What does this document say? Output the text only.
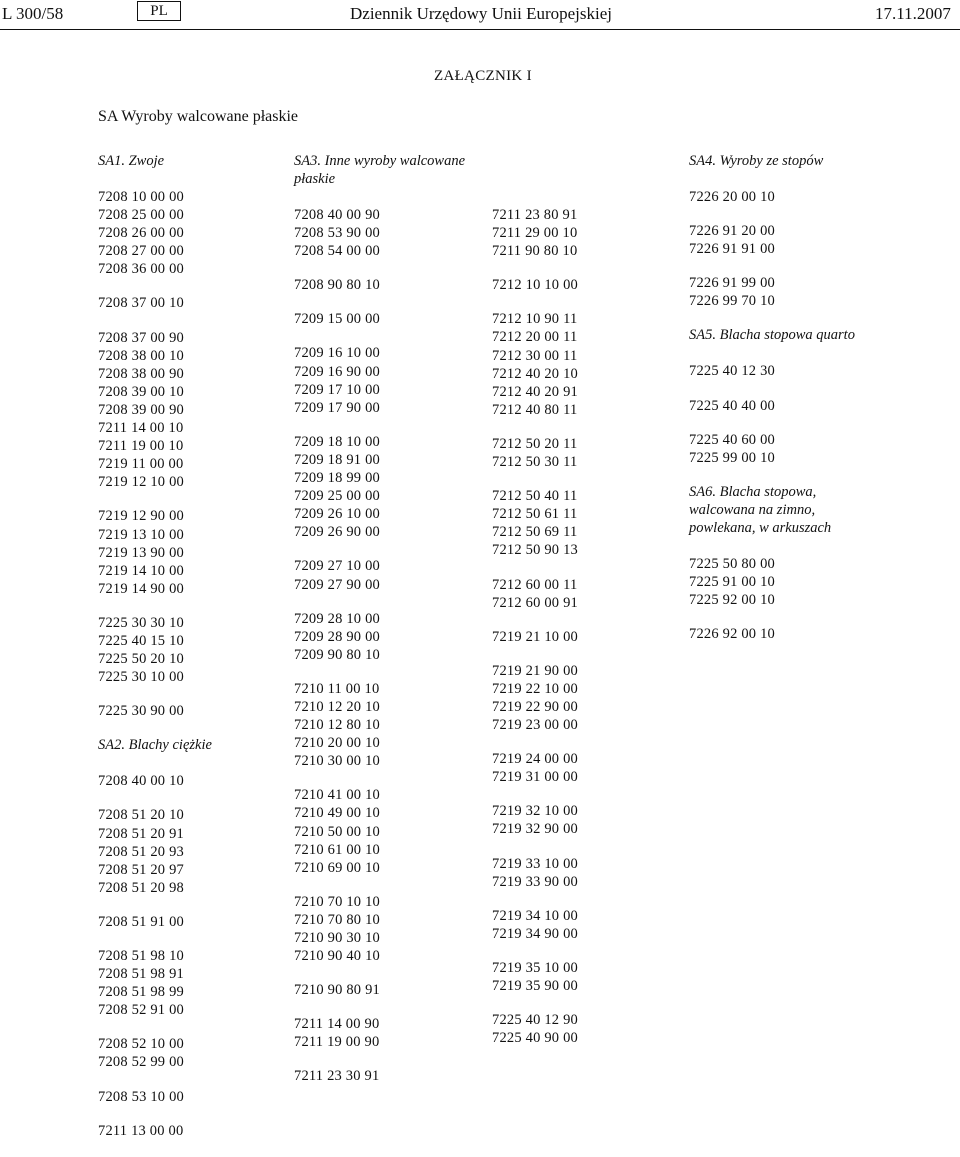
L 300/58	PL	Dziennik Urzędowy Unii Europejskiej	17.11.2007
ZAŁĄCZNIK I
SA Wyroby walcowane płaskie
SA1. Zwoje
7208 10 00 00
7208 25 00 00
7208 26 00 00
7208 27 00 00
7208 36 00 00
7208 37 00 10
7208 37 00 90
7208 38 00 10
7208 38 00 90
7208 39 00 10
7208 39 00 90
7211 14 00 10
7211 19 00 10
7219 11 00 00
7219 12 10 00
7219 12 90 00
7219 13 10 00
7219 13 90 00
7219 14 10 00
7219 14 90 00
7225 30 30 10
7225 40 15 10
7225 50 20 10
7225 30 10 00
7225 30 90 00
SA2. Blachy ciężkie
7208 40 00 10
7208 51 20 10
7208 51 20 91
7208 51 20 93
7208 51 20 97
7208 51 20 98
7208 51 91 00
7208 51 98 10
7208 51 98 91
7208 51 98 99
7208 52 91 00
7208 52 10 00
7208 52 99 00
7208 53 10 00
7211 13 00 00
SA3. Inne wyroby walcowane płaskie
7208 40 00 90
7208 53 90 00
7208 54 00 00
7208 90 80 10
7209 15 00 00
7209 16 10 00
7209 16 90 00
7209 17 10 00
7209 17 90 00
7209 18 10 00
7209 18 91 00
7209 18 99 00
7209 25 00 00
7209 26 10 00
7209 26 90 00
7209 27 10 00
7209 27 90 00
7209 28 10 00
7209 28 90 00
7209 90 80 10
7210 11 00 10
7210 12 20 10
7210 12 80 10
7210 20 00 10
7210 30 00 10
7210 41 00 10
7210 49 00 10
7210 50 00 10
7210 61 00 10
7210 69 00 10
7210 70 10 10
7210 70 80 10
7210 90 30 10
7210 90 40 10
7210 90 80 91
7211 14 00 90
7211 19 00 90
7211 23 30 91
7211 23 80 91
7211 29 00 10
7211 90 80 10
7212 10 10 00
7212 10 90 11
7212 20 00 11
7212 30 00 11
7212 40 20 10
7212 40 20 91
7212 40 80 11
7212 50 20 11
7212 50 30 11
7212 50 40 11
7212 50 61 11
7212 50 69 11
7212 50 90 13
7212 60 00 11
7212 60 00 91
7219 21 10 00
7219 21 90 00
7219 22 10 00
7219 22 90 00
7219 23 00 00
7219 24 00 00
7219 31 00 00
7219 32 10 00
7219 32 90 00
7219 33 10 00
7219 33 90 00
7219 34 10 00
7219 34 90 00
7219 35 10 00
7219 35 90 00
7225 40 12 90
7225 40 90 00
SA4. Wyroby ze stopów
7226 20 00 10
7226 91 20 00
7226 91 91 00
7226 91 99 00
7226 99 70 10
SA5. Blacha stopowa quarto
7225 40 12 30
7225 40 40 00
7225 40 60 00
7225 99 00 10
SA6. Blacha stopowa, walcowana na zimno, powlekana, w arkuszach
7225 50 80 00
7225 91 00 10
7225 92 00 10
7226 92 00 10
